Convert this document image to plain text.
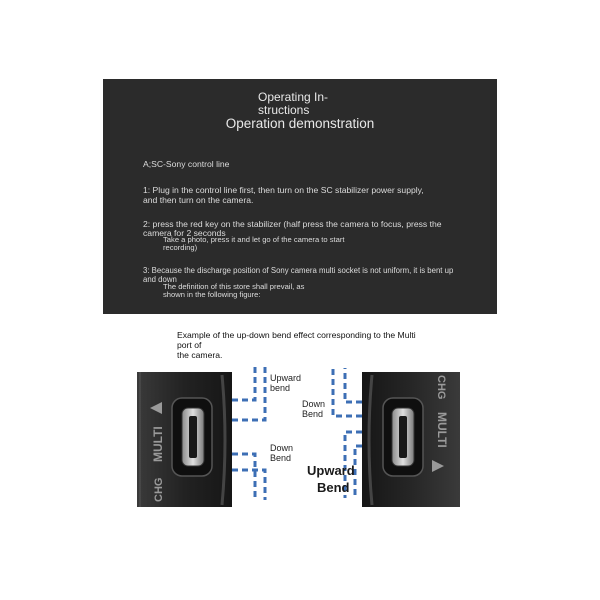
Operating In-
structions
Operation demonstration
A;SC-Sony control line
1: Plug in the control line first, then turn on the SC stabilizer power supply,
and then turn on the camera.
2: press the red key on the stabilizer (half press the camera to focus, press the
camera for 2 seconds
Take a photo, press it and let go of the camera to start
recording)
3: Because the discharge position of Sony camera multi socket is not uniform, it is bent up
and down
The definition of this store shall prevail, as
shown in the following figure:
Example of the up-down bend effect corresponding to the Multi port of
the camera.
CHG
MULTI
CHG
MULTI
Upward
bend
Down
Bend
Down
Bend
Upward
Bend
